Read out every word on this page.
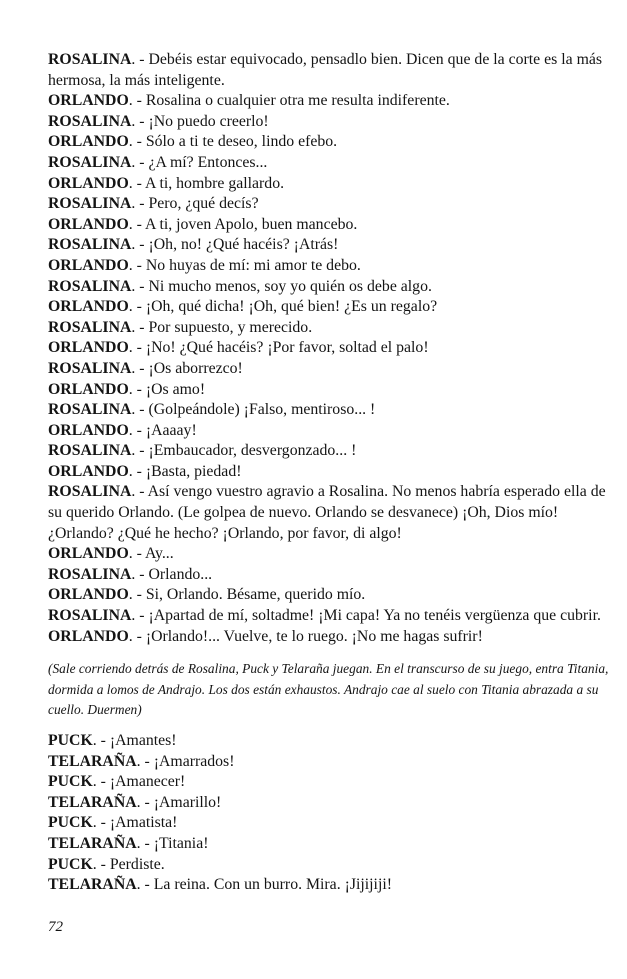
ROSALINA. - Debéis estar equivocado, pensadlo bien. Dicen que de la corte es la más hermosa, la más inteligente.

ORLANDO. - Rosalina o cualquier otra me resulta indiferente.

ROSALINA. - ¡No puedo creerlo!

ORLANDO. - Sólo a ti te deseo, lindo efebo.

ROSALINA. - ¿A mí? Entonces...

ORLANDO. - A ti, hombre gallardo.

ROSALINA. - Pero, ¿qué decís?

ORLANDO. - A ti, joven Apolo, buen mancebo.

ROSALINA. - ¡Oh, no! ¿Qué hacéis? ¡Atrás!

ORLANDO. - No huyas de mí: mi amor te debo.

ROSALINA. - Ni mucho menos, soy yo quién os debe algo.

ORLANDO. - ¡Oh, qué dicha! ¡Oh, qué bien! ¿Es un regalo?

ROSALINA. - Por supuesto, y merecido.

ORLANDO. - ¡No! ¿Qué hacéis? ¡Por favor, soltad el palo!

ROSALINA. - ¡Os aborrezco!

ORLANDO. - ¡Os amo!

ROSALINA. - (Golpeándole) ¡Falso, mentiroso... !

ORLANDO. - ¡Aaaay!

ROSALINA. - ¡Embaucador, desvergonzado... !

ORLANDO. - ¡Basta, piedad!

ROSALINA. - Así vengo vuestro agravio a Rosalina. No menos habría esperado ella de su querido Orlando. (Le golpea de nuevo. Orlando se desvanece) ¡Oh, Dios mío! ¿Orlando? ¿Qué he hecho? ¡Orlando, por favor, di algo!

ORLANDO. - Ay...

ROSALINA. - Orlando...

ORLANDO. - Si, Orlando. Bésame, querido mío.

ROSALINA. - ¡Apartad de mí, soltadme! ¡Mi capa! Ya no tenéis vergüenza que cubrir.

ORLANDO. - ¡Orlando!... Vuelve, te lo ruego. ¡No me hagas sufrir!

(Sale corriendo detrás de Rosalina, Puck y Telaraña juegan. En el transcurso de su juego, entra Titania, dormida a lomos de Andrajo. Los dos están exhaustos. Andrajo cae al suelo con Titania abrazada a su cuello. Duermen)

PUCK. - ¡Amantes!

TELARAÑA. - ¡Amarrados!

PUCK. - ¡Amanecer!

TELARAÑA. - ¡Amarillo!

PUCK. - ¡Amatista!

TELARAÑA. - ¡Titania!

PUCK. - Perdiste.

TELARAÑA. - La reina. Con un burro. Mira. ¡Jijijiji!

72
